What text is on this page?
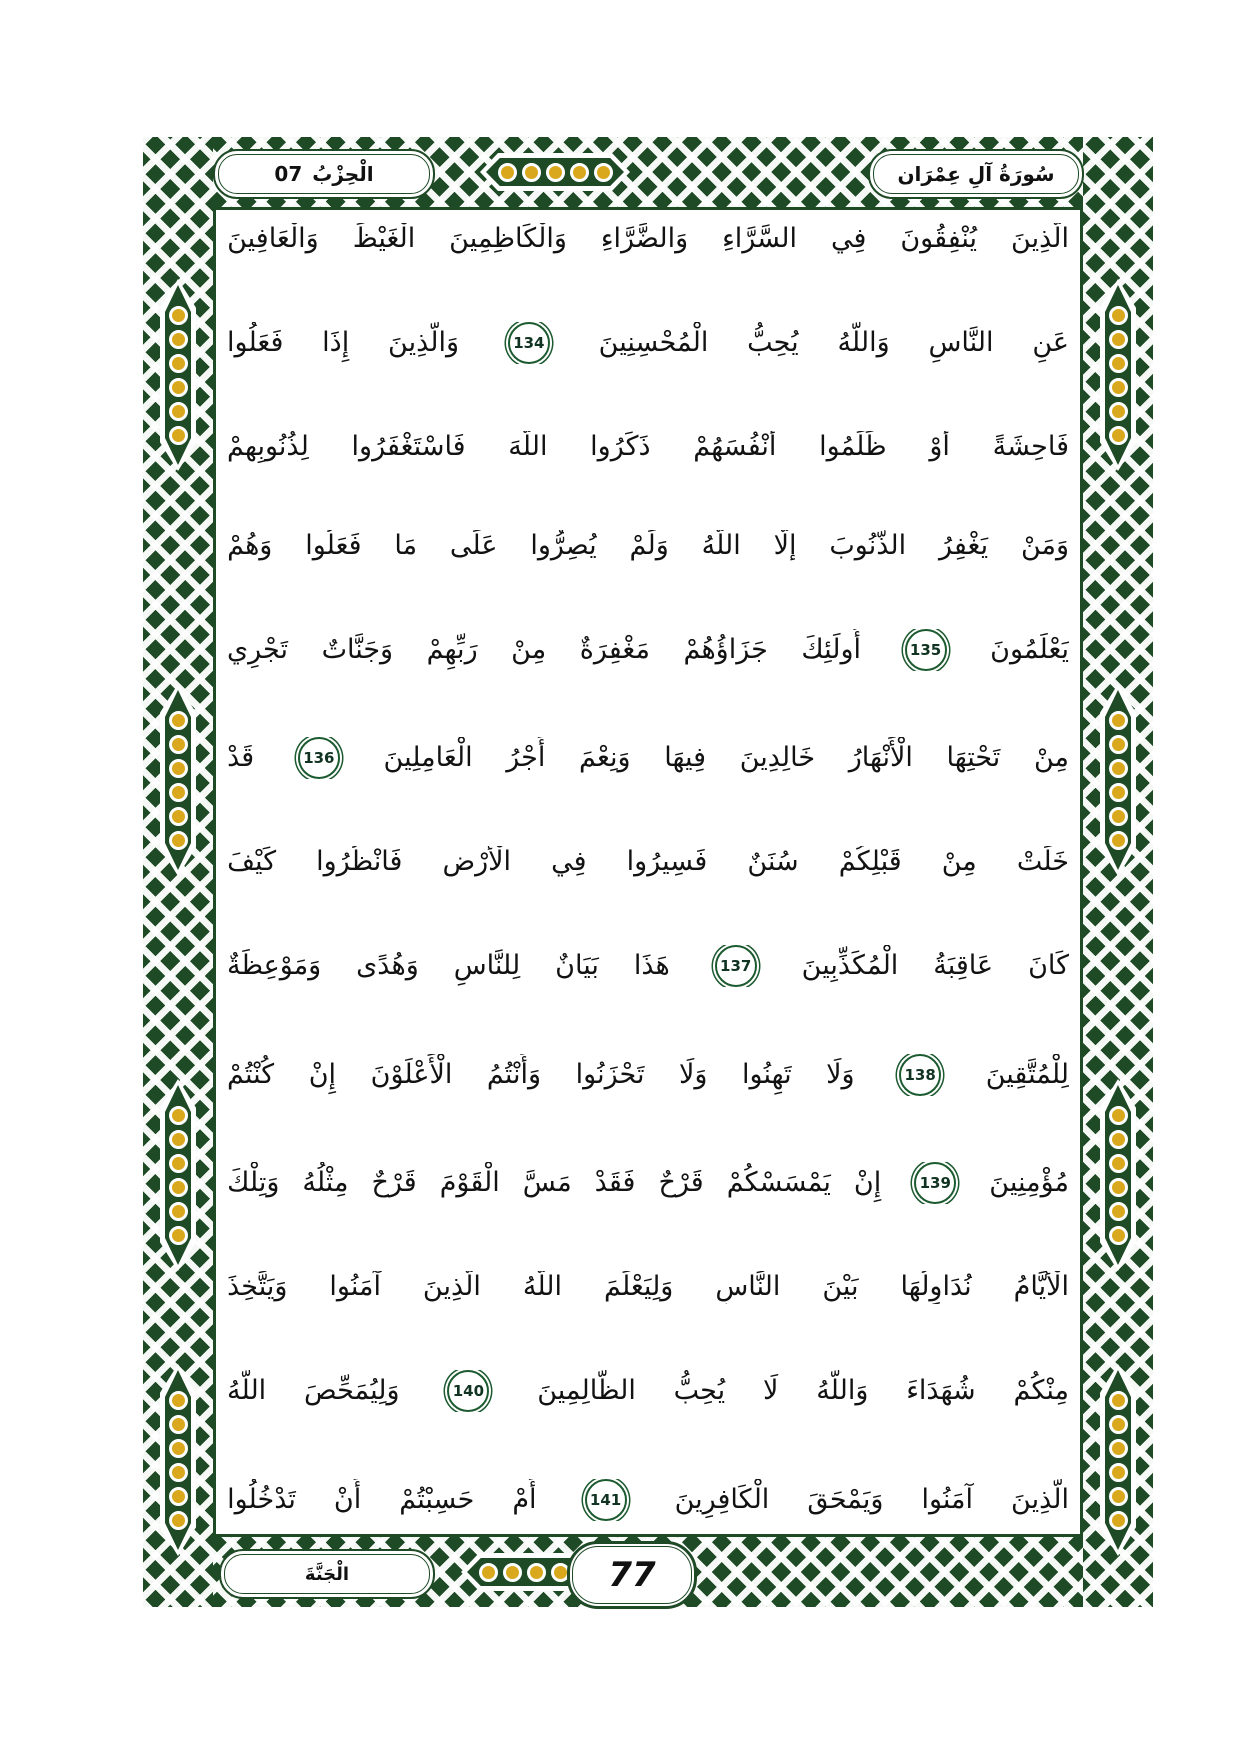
الْحِزْبُ
07	سُورَةُ آلِ عِمْرَان
الْجَنَّةَ	77
الَّذِينَ
يُنْفِقُونَ
فِي
السَّرَّاءِ
وَالضَّرَّاءِ
وَالْكَاظِمِينَ
الْغَيْظَ
وَالْعَافِينَ
عَنِ
النَّاسِ
وَاللَّهُ
يُحِبُّ
الْمُحْسِنِينَ
134
وَالَّذِينَ
إِذَا
فَعَلُوا
فَاحِشَةً
أَوْ
ظَلَمُوا
أَنْفُسَهُمْ
ذَكَرُوا
اللَّهَ
فَاسْتَغْفَرُوا
لِذُنُوبِهِمْ
وَمَنْ
يَغْفِرُ
الذُّنُوبَ
إِلَّا
اللَّهُ
وَلَمْ
يُصِرُّوا
عَلَى
مَا
فَعَلُوا
وَهُمْ
يَعْلَمُونَ
135
أُولَئِكَ
جَزَاؤُهُمْ
مَغْفِرَةٌ
مِنْ
رَبِّهِمْ
وَجَنَّاتٌ
تَجْرِي
مِنْ
تَحْتِهَا
الْأَنْهَارُ
خَالِدِينَ
فِيهَا
وَنِعْمَ
أَجْرُ
الْعَامِلِينَ
136
قَدْ
خَلَتْ
مِنْ
قَبْلِكُمْ
سُنَنٌ
فَسِيرُوا
فِي
الْأَرْضِ
فَانْظُرُوا
كَيْفَ
كَانَ
عَاقِبَةُ
الْمُكَذِّبِينَ
137
هَذَا
بَيَانٌ
لِلنَّاسِ
وَهُدًى
وَمَوْعِظَةٌ
لِلْمُتَّقِينَ
138
وَلَا
تَهِنُوا
وَلَا
تَحْزَنُوا
وَأَنْتُمُ
الْأَعْلَوْنَ
إِنْ
كُنْتُمْ
مُؤْمِنِينَ
139
إِنْ
يَمْسَسْكُمْ
قَرْحٌ
فَقَدْ
مَسَّ
الْقَوْمَ
قَرْحٌ
مِثْلُهُ
وَتِلْكَ
الْأَيَّامُ
نُدَاوِلُهَا
بَيْنَ
النَّاسِ
وَلِيَعْلَمَ
اللَّهُ
الَّذِينَ
آمَنُوا
وَيَتَّخِذَ
مِنْكُمْ
شُهَدَاءَ
وَاللَّهُ
لَا
يُحِبُّ
الظَّالِمِينَ
140
وَلِيُمَحِّصَ
اللَّهُ
الَّذِينَ
آمَنُوا
وَيَمْحَقَ
الْكَافِرِينَ
141
أَمْ
حَسِبْتُمْ
أَنْ
تَدْخُلُوا
